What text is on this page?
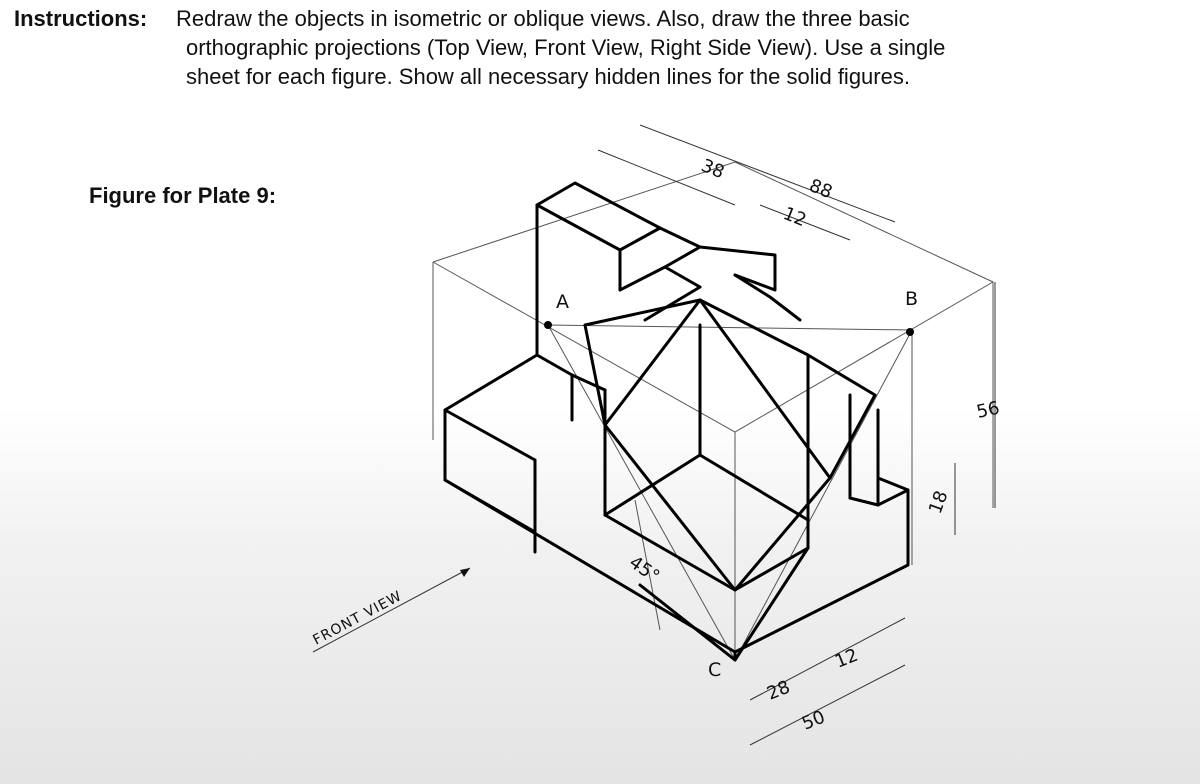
Instructions: Redraw the objects in isometric or oblique views. Also, draw the three basic
orthographic projections (Top View, Front View, Right Side View). Use a single
sheet for each figure. Show all necessary hidden lines for the solid figures.
Figure for Plate 9:
A	B
C
38
88
12
56
18
28
12
50
45°
FRONT VIEW
